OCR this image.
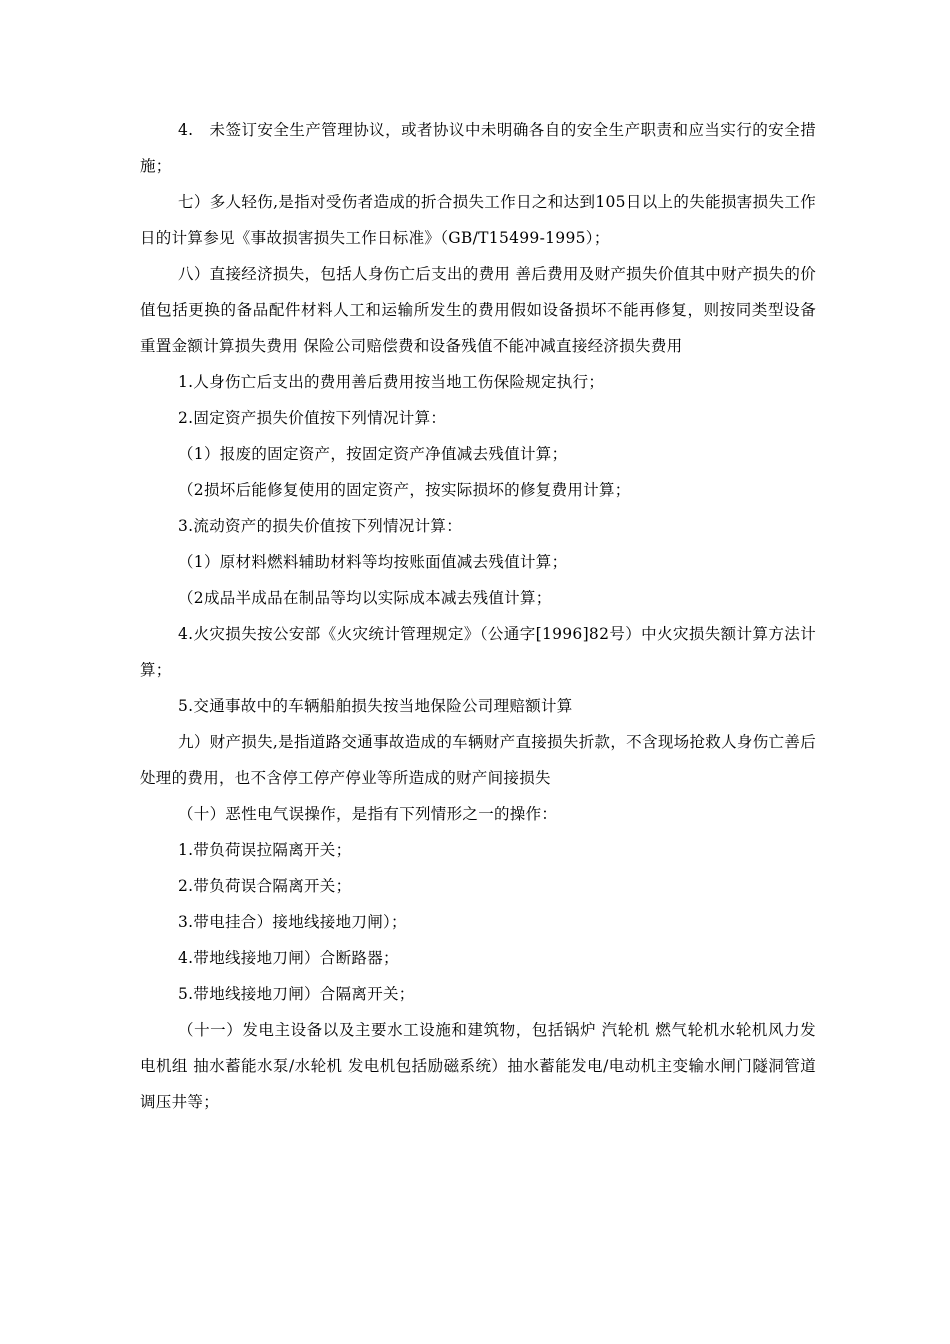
4.　未签订安全生产管理协议，或者协议中未明确各自的安全生产职责和应当实行的安全措施；

七）多人轻伤,是指对受伤者造成的折合损失工作日之和达到105日以上的失能损害损失工作日的计算参见《事故损害损失工作日标准》（GB/T15499-1995）；

八）直接经济损失，包括人身伤亡后支出的费用 善后费用及财产损失价值其中财产损失的价值包括更换的备品配件材料人工和运输所发生的费用假如设备损坏不能再修复，则按同类型设备重置金额计算损失费用 保险公司赔偿费和设备残值不能冲减直接经济损失费用

1.人身伤亡后支出的费用善后费用按当地工伤保险规定执行；

2.固定资产损失价值按下列情况计算：

（1）报废的固定资产，按固定资产净值减去残值计算；

（2损坏后能修复使用的固定资产，按实际损坏的修复费用计算；

3.流动资产的损失价值按下列情况计算：

（1）原材料燃料辅助材料等均按账面值减去残值计算；

（2成品半成品在制品等均以实际成本减去残值计算；

4.火灾损失按公安部《火灾统计管理规定》（公通字[1996]82号）中火灾损失额计算方法计算；

5.交通事故中的车辆船舶损失按当地保险公司理赔额计算

九）财产损失,是指道路交通事故造成的车辆财产直接损失折款，不含现场抢救人身伤亡善后处理的费用，也不含停工停产停业等所造成的财产间接损失

（十）恶性电气误操作，是指有下列情形之一的操作：

1.带负荷误拉隔离开关；

2.带负荷误合隔离开关；

3.带电挂合）接地线接地刀闸）；

4.带地线接地刀闸）合断路器；

5.带地线接地刀闸）合隔离开关；

（十一）发电主设备以及主要水工设施和建筑物，包括锅炉 汽轮机 燃气轮机水轮机风力发电机组 抽水蓄能水泵/水轮机 发电机包括励磁系统）抽水蓄能发电/电动机主变输水闸门隧洞管道调压井等；
